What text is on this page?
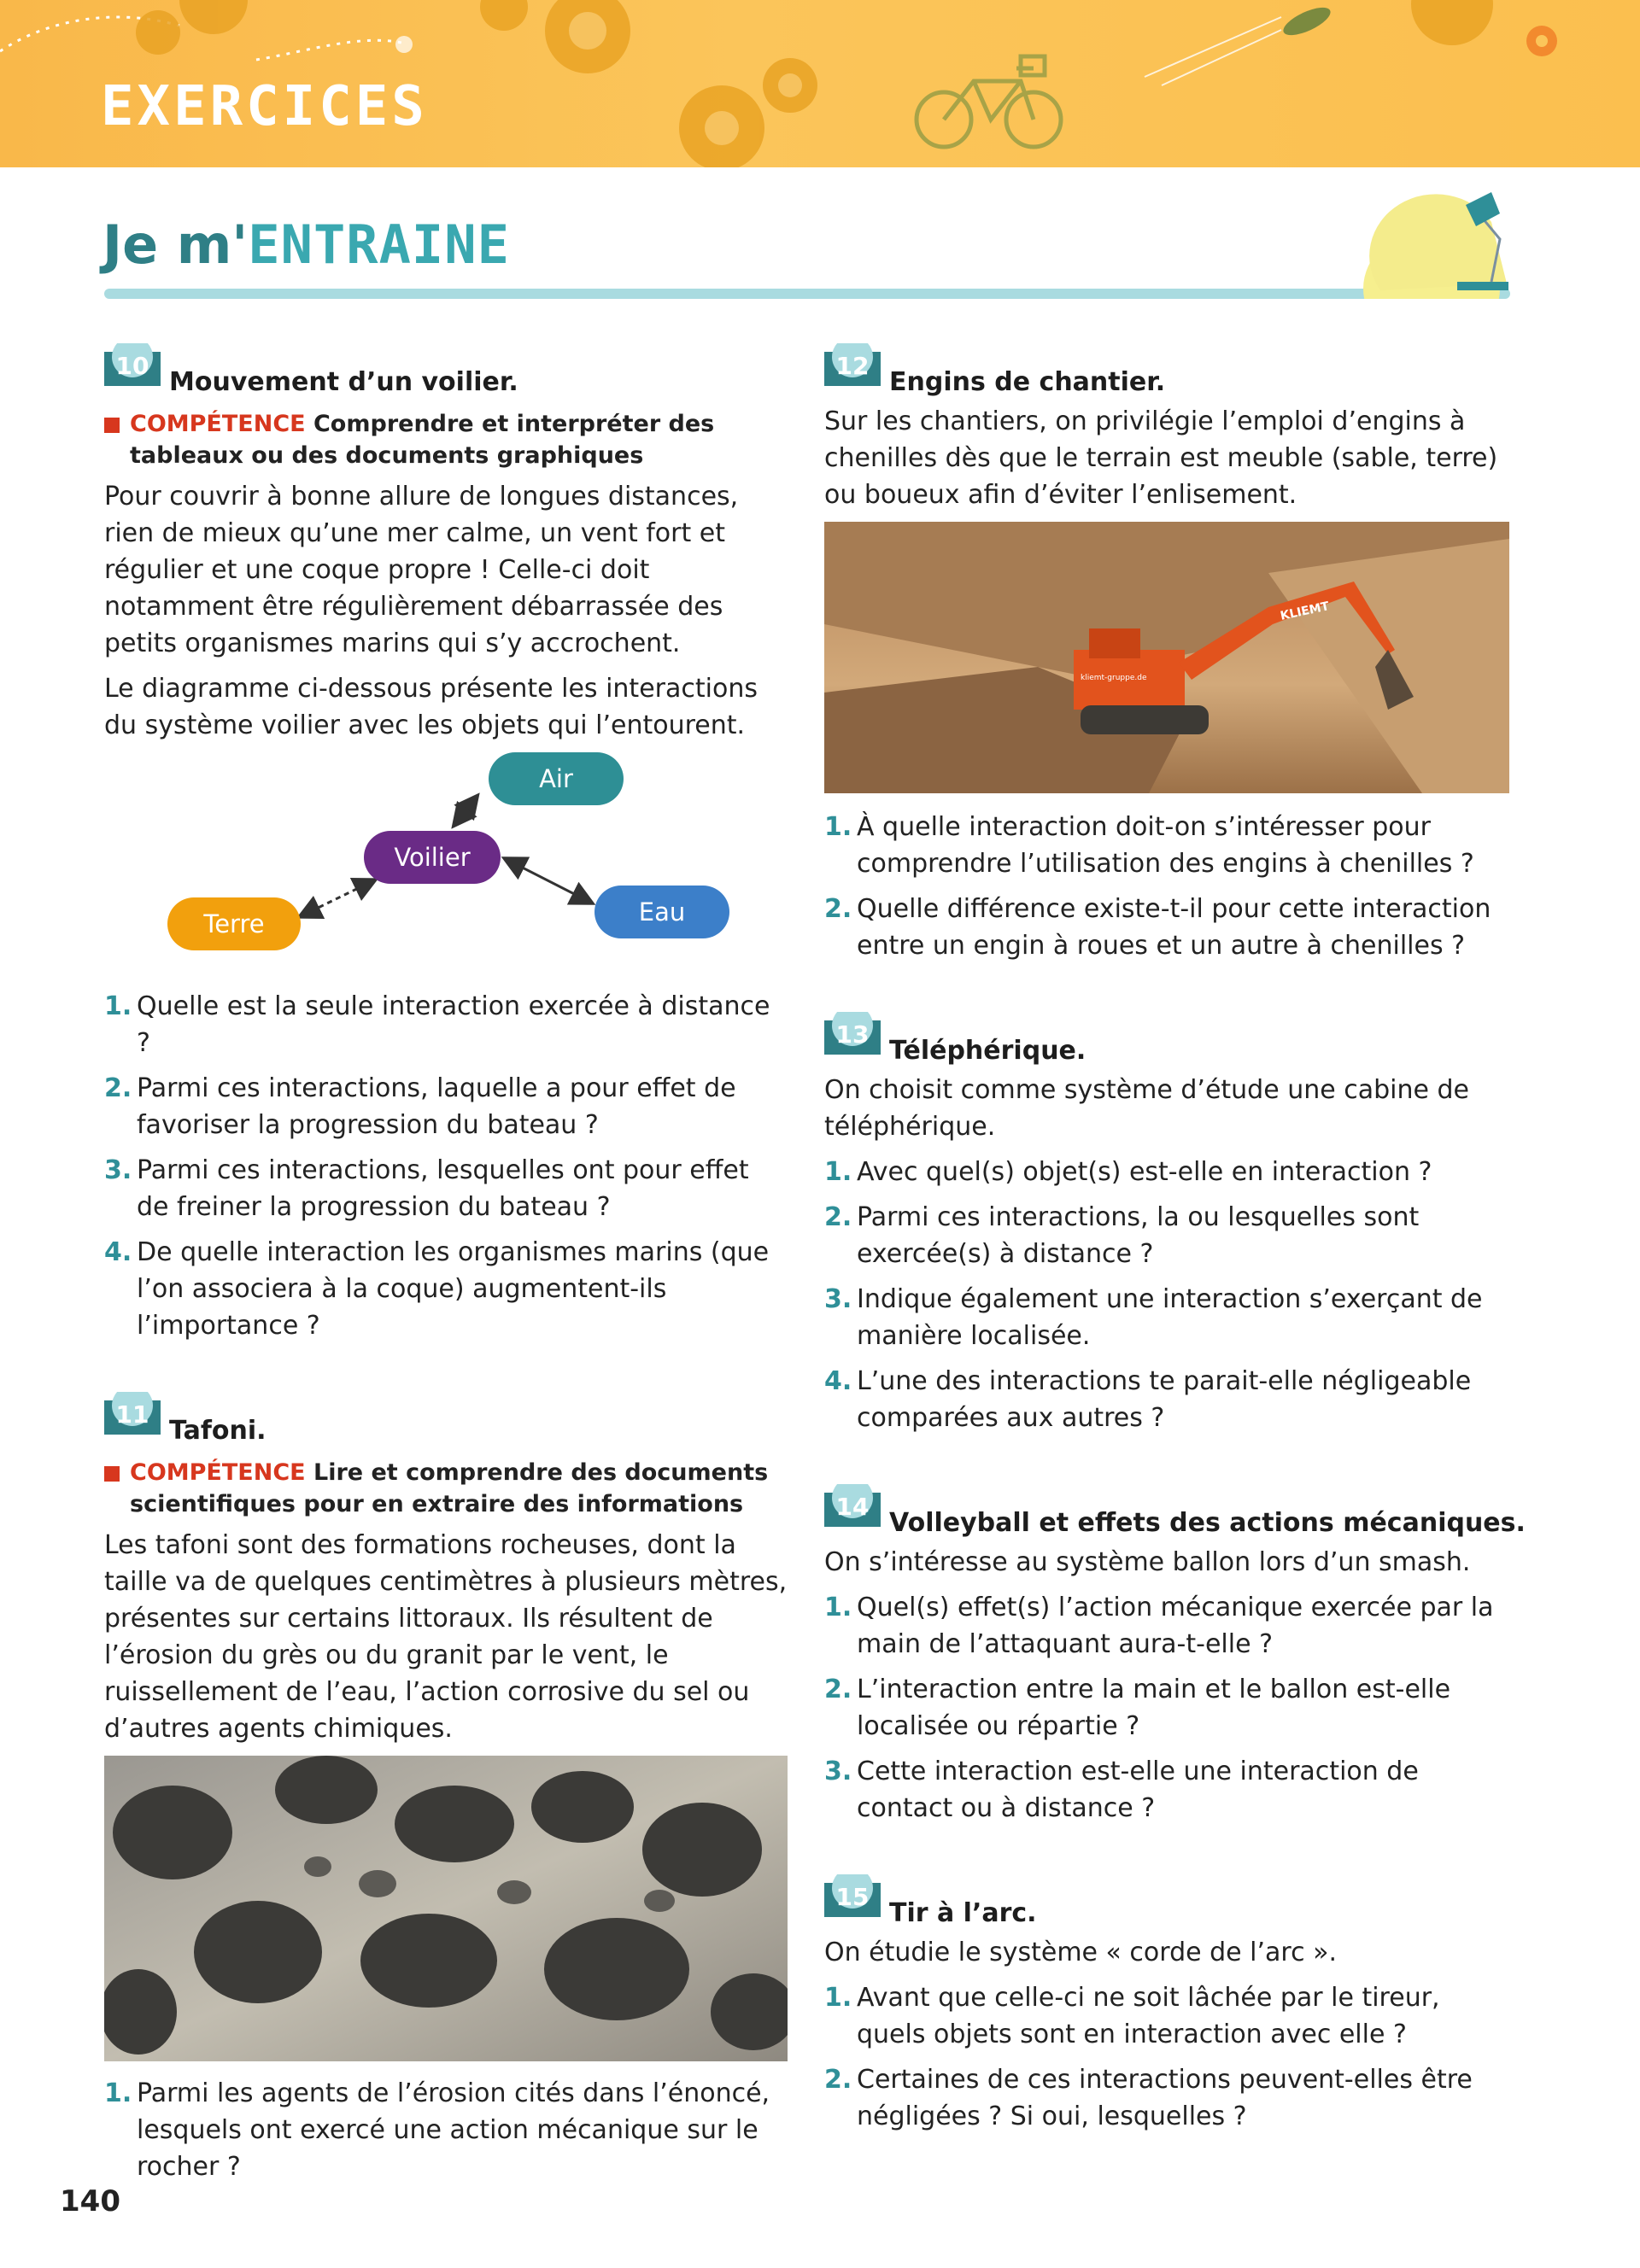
EXERCICES
Je m'ENTRAINE
10
Mouvement d’un voilier.
COMPÉTENCE Comprendre et interpréter des tableaux ou des documents graphiques

Pour couvrir à bonne allure de longues distances, rien de mieux qu’une mer calme, un vent fort et régulier et une coque propre ! Celle-ci doit notamment être régulièrement débarrassée des petits organismes marins qui s’y accrochent.

Le diagramme ci-dessous présente les interactions du système voilier avec les objets qui l’entourent.

Air
Voilier
Terre	Eau
1. Quelle est la seule interaction exercée à distance ?
2. Parmi ces interactions, laquelle a pour effet de favoriser la progression du bateau ?
3. Parmi ces interactions, lesquelles ont pour effet de freiner la progression du bateau ?
4. De quelle interaction les organismes marins (que l’on associera à la coque) augmentent-ils l’importance ?
11
Tafoni.
COMPÉTENCE Lire et comprendre des documents scientifiques pour en extraire des informations

Les tafoni sont des formations rocheuses, dont la taille va de quelques centimètres à plusieurs mètres, présentes sur certains littoraux. Ils résultent de l’érosion du grès ou du granit par le vent, le ruissellement de l’eau, l’action corrosive du sel ou d’autres agents chimiques.

1. Parmi les agents de l’érosion cités dans l’énoncé, lesquels ont exercé une action mécanique sur le rocher ?
12
Engins de chantier.

Sur les chantiers, on privilégie l’emploi d’engins à chenilles dès que le terrain est meuble (sable, terre) ou boueux afin d’éviter l’enlisement.

KLIEMT
kliemt-gruppe.de
1. À quelle interaction doit-on s’intéresser pour comprendre l’utilisation des engins à chenilles ?
2. Quelle différence existe-t-il pour cette interaction entre un engin à roues et un autre à chenilles ?
13
Téléphérique.

On choisit comme système d’étude une cabine de téléphérique.

1. Avec quel(s) objet(s) est-elle en interaction ?
2. Parmi ces interactions, la ou lesquelles sont exercée(s) à distance ?
3. Indique également une interaction s’exerçant de manière localisée.
4. L’une des interactions te parait-elle négligeable comparées aux autres ?
14
Volleyball et effets des actions mécaniques.

On s’intéresse au système ballon lors d’un smash.

1. Quel(s) effet(s) l’action mécanique exercée par la main de l’attaquant aura-t-elle ?
2. L’interaction entre la main et le ballon est-elle localisée ou répartie ?
3. Cette interaction est-elle une interaction de contact ou à distance ?
15
Tir à l’arc.

On étudie le système « corde de l’arc ».

1. Avant que celle-ci ne soit lâchée par le tireur, quels objets sont en interaction avec elle ?
2. Certaines de ces interactions peuvent-elles être négligées ? Si oui, lesquelles ?
140
